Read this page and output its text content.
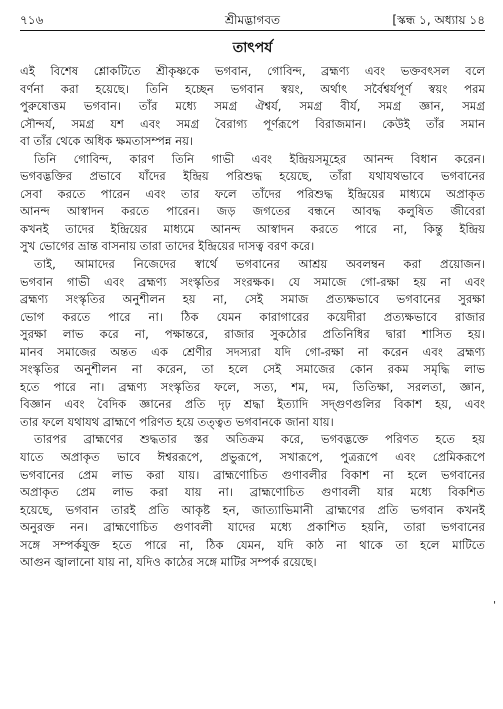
৭১৬	শ্রীমদ্ভাগবত	[স্কন্ধ ১, অধ্যায় ১৪
তাৎপর্য

এই বিশেষ শ্লোকটিতে শ্রীকৃষ্ণকে ভগবান, গোবিন্দ, ব্রহ্মণ্য এবং ভক্তবৎসল বলে

বর্ণনা করা হয়েছে। তিনি হচ্ছেন ভগবান স্বয়ং, অর্থাৎ সর্বৈশ্বর্যপূর্ণ স্বয়ং পরম

পুরুষোত্তম ভগবান। তাঁর মধ্যে সমগ্র ঐশ্বর্য, সমগ্র বীর্য, সমগ্র জ্ঞান, সমগ্র

সৌন্দর্য, সমগ্র যশ এবং সমগ্র বৈরাগ্য পূর্ণরূপে বিরাজমান। কেউই তাঁর সমান

বা তাঁর থেকে অধিক ক্ষমতাসম্পন্ন নয়।

তিনি গোবিন্দ, কারণ তিনি গাভী এবং ইন্দ্রিয়সমূহের আনন্দ বিধান করেন।

ভগবদ্ভক্তির প্রভাবে যাঁদের ইন্দ্রিয় পরিশুদ্ধ হয়েছে, তাঁরা যথাযথভাবে ভগবানের

সেবা করতে পারেন এবং তার ফলে তাঁদের পরিশুদ্ধ ইন্দ্রিয়ের মাধ্যমে অপ্রাকৃত

আনন্দ আস্বাদন করতে পারেন। জড় জগতের বন্ধনে আবদ্ধ কলুষিত জীবেরা

কখনই তাদের ইন্দ্রিয়ের মাধ্যমে আনন্দ আস্বাদন করতে পারে না, কিন্তু ইন্দ্রিয়

সুখ ভোগের ভ্রান্ত বাসনায় তারা তাদের ইন্দ্রিয়ের দাসত্ব বরণ করে।

তাই, আমাদের নিজেদের স্বার্থে ভগবানের আশ্রয় অবলম্বন করা প্রয়োজন।

ভগবান গাভী এবং ব্রহ্মণ্য সংস্কৃতির সংরক্ষক। যে সমাজে গো-রক্ষা হয় না এবং

ব্রহ্মণ্য সংস্কৃতির অনুশীলন হয় না, সেই সমাজ প্রত্যক্ষভাবে ভগবানের সুরক্ষা

ভোগ করতে পারে না। ঠিক যেমন কারাগারের কয়েদীরা প্রত্যক্ষভাবে রাজার

সুরক্ষা লাভ করে না, পক্ষান্তরে, রাজার সুকঠোর প্রতিনিধির দ্বারা শাসিত হয়।

মানব সমাজের অন্তত এক শ্রেণীর সদস্যরা যদি গো-রক্ষা না করেন এবং ব্রহ্মণ্য

সংস্কৃতির অনুশীলন না করেন, তা হলে সেই সমাজের কোন রকম সমৃদ্ধি লাভ

হতে পারে না। ব্রহ্মণ্য সংস্কৃতির ফলে, সত্য, শম, দম, তিতিক্ষা, সরলতা, জ্ঞান,

বিজ্ঞান এবং বৈদিক জ্ঞানের প্রতি দৃঢ় শ্রদ্ধা ইত্যাদি সদ্গুণগুলির বিকাশ হয়, এবং

তার ফলে যথাযথ ব্রাহ্মণে পরিণত হয়ে তত্ত্বত ভগবানকে জানা যায়।

তারপর ব্রাহ্মণের শুদ্ধতার স্তর অতিক্রম করে, ভগবদ্ভক্তে পরিণত হতে হয়

যাতে অপ্রাকৃত ভাবে ঈশ্বররূপে, প্রভুরূপে, সখারূপে, পুত্ররূপে এবং প্রেমিকরূপে

ভগবানের প্রেম লাভ করা যায়। ব্রাহ্মণোচিত গুণাবলীর বিকাশ না হলে ভগবানের

অপ্রাকৃত প্রেম লাভ করা যায় না। ব্রাহ্মণোচিত গুণাবলী যার মধ্যে বিকশিত

হয়েছে, ভগবান তারই প্রতি আকৃষ্ট হন, জাত্যাভিমানী ব্রাহ্মণের প্রতি ভগবান কখনই

অনুরক্ত নন। ব্রাহ্মণোচিত গুণাবলী যাদের মধ্যে প্রকাশিত হয়নি, তারা ভগবানের

সঙ্গে সম্পর্কযুক্ত হতে পারে না, ঠিক যেমন, যদি কাঠ না থাকে তা হলে মাটিতে

আগুন জ্বালানো যায় না, যদিও কাঠের সঙ্গে মাটির সম্পর্ক রয়েছে।

'
